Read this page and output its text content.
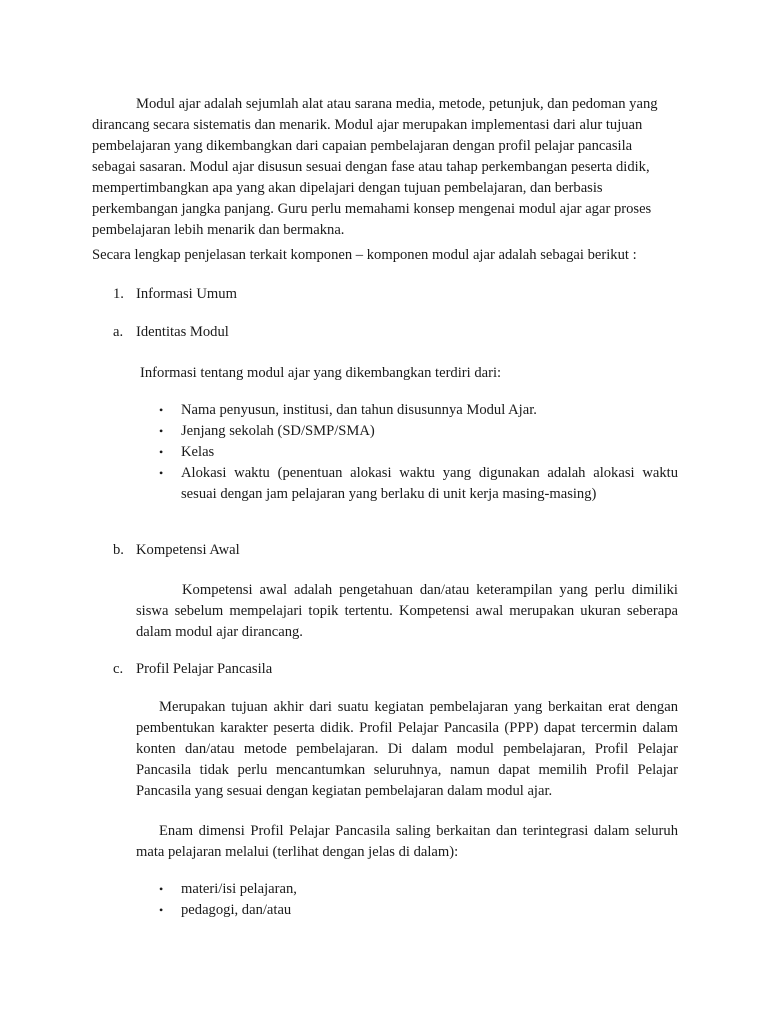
Modul ajar adalah sejumlah alat atau sarana media, metode, petunjuk, dan pedoman yang dirancang secara sistematis dan menarik. Modul ajar merupakan implementasi dari alur tujuan pembelajaran yang dikembangkan dari capaian pembelajaran dengan profil pelajar pancasila sebagai sasaran. Modul ajar disusun sesuai dengan fase atau tahap perkembangan peserta didik, mempertimbangkan apa yang akan dipelajari dengan tujuan pembelajaran, dan berbasis perkembangan jangka panjang. Guru perlu memahami konsep mengenai modul ajar agar proses pembelajaran lebih menarik dan bermakna.
Secara lengkap penjelasan terkait komponen – komponen modul ajar adalah sebagai berikut :
1. Informasi Umum
a. Identitas Modul
Informasi tentang modul ajar yang dikembangkan terdiri dari:
• Nama penyusun, institusi, dan tahun disusunnya Modul Ajar.
• Jenjang sekolah (SD/SMP/SMA)
• Kelas
• Alokasi waktu (penentuan alokasi waktu yang digunakan adalah alokasi waktu sesuai dengan jam pelajaran yang berlaku di unit kerja masing-masing)
b. Kompetensi Awal
Kompetensi awal adalah pengetahuan dan/atau keterampilan yang perlu dimiliki siswa sebelum mempelajari topik tertentu. Kompetensi awal merupakan ukuran seberapa dalam modul ajar dirancang.
c. Profil Pelajar Pancasila
Merupakan tujuan akhir dari suatu kegiatan pembelajaran yang berkaitan erat dengan pembentukan karakter peserta didik. Profil Pelajar Pancasila (PPP) dapat tercermin dalam konten dan/atau metode pembelajaran. Di dalam modul pembelajaran, Profil Pelajar Pancasila tidak perlu mencantumkan seluruhnya, namun dapat memilih Profil Pelajar Pancasila yang sesuai dengan kegiatan pembelajaran dalam modul ajar.
Enam dimensi Profil Pelajar Pancasila saling berkaitan dan terintegrasi dalam seluruh mata pelajaran melalui (terlihat dengan jelas di dalam):
• materi/isi pelajaran,
• pedagogi, dan/atau
